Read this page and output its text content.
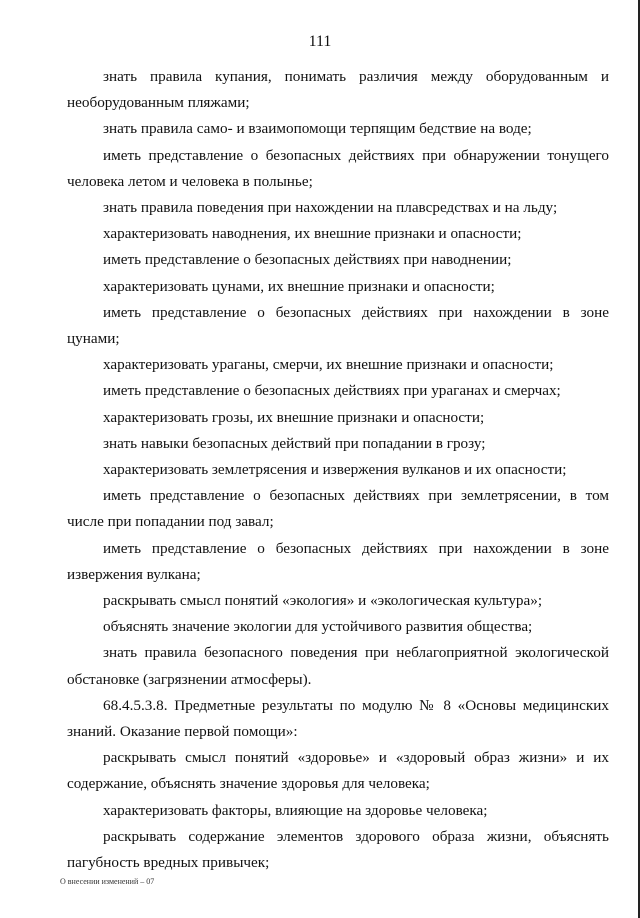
111

знать правила купания, понимать различия между оборудованным и необорудованным пляжами;

знать правила само- и взаимопомощи терпящим бедствие на воде;

иметь представление о безопасных действиях при обнаружении тонущего человека летом и человека в полынье;

знать правила поведения при нахождении на плавсредствах и на льду;

характеризовать наводнения, их внешние признаки и опасности;

иметь представление о безопасных действиях при наводнении;

характеризовать цунами, их внешние признаки и опасности;

иметь представление о безопасных действиях при нахождении в зоне цунами;

характеризовать ураганы, смерчи, их внешние признаки и опасности;

иметь представление о безопасных действиях при ураганах и смерчах;

характеризовать грозы, их внешние признаки и опасности;

знать навыки безопасных действий при попадании в грозу;

характеризовать землетрясения и извержения вулканов и их опасности;

иметь представление о безопасных действиях при землетрясении, в том числе при попадании под завал;

иметь представление о безопасных действиях при нахождении в зоне извержения вулкана;

раскрывать смысл понятий «экология» и «экологическая культура»;

объяснять значение экологии для устойчивого развития общества;

знать правила безопасного поведения при неблагоприятной экологической обстановке (загрязнении атмосферы).

68.4.5.3.8. Предметные результаты по модулю № 8 «Основы медицинских знаний. Оказание первой помощи»:

раскрывать смысл понятий «здоровье» и «здоровый образ жизни» и их содержание, объяснять значение здоровья для человека;

характеризовать факторы, влияющие на здоровье человека;

раскрывать содержание элементов здорового образа жизни, объяснять пагубность вредных привычек;

О внесении изменений – 07
